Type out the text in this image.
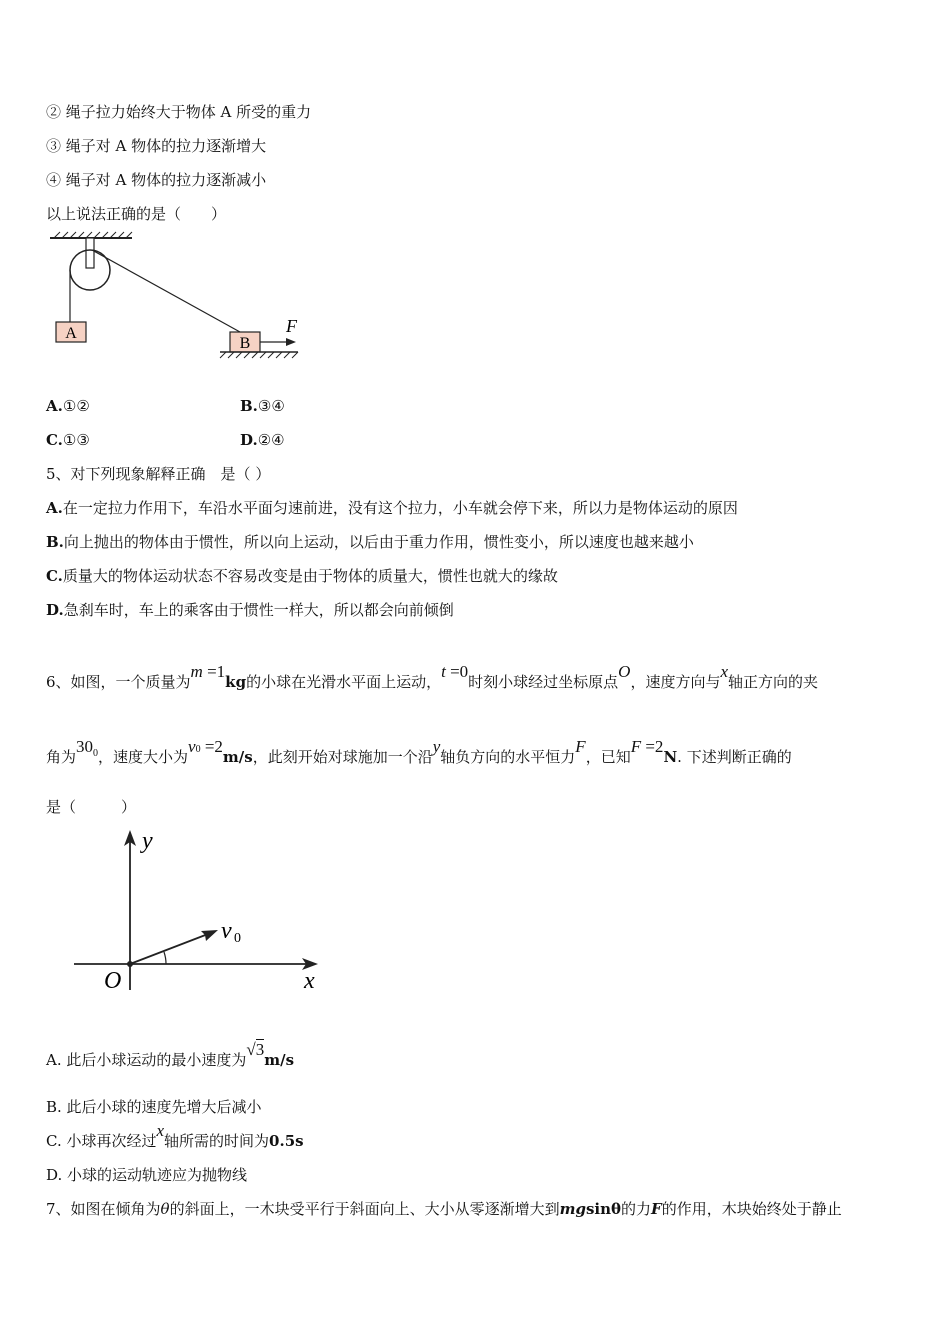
② 绳子拉力始终大于物体 A 所受的重力
③ 绳子对 A 物体的拉力逐渐增大
④ 绳子对 A 物体的拉力逐渐减小
以上说法正确的是（　　）
A
B
F
A.①②	B.③④
C.①③	D.②④
5、对下列现象解释正确　是（ ）
A.在一定拉力作用下，车沿水平面匀速前进，没有这个拉力，小车就会停下来，所以力是物体运动的原因
B.向上抛出的物体由于惯性，所以向上运动，以后由于重力作用，惯性变小，所以速度也越来越小
C.质量大的物体运动状态不容易改变是由于物体的质量大，惯性也就大的缘故
D.急刹车时，车上的乘客由于惯性一样大，所以都会向前倾倒
6、如图，一个质量为m =1kg的小球在光滑水平面上运动，t =0时刻小球经过坐标原点O，速度方向与x轴正方向的夹
角为$30^0$，速度大小为$v^0 =2m/s$，此刻开始对球施加一个沿y轴负方向的水平恒力F，已知F =2N. 下述判断正确的
是（　　　）
y
x
O
v 0
A. 此后小球运动的最小速度为√3m/s
B. 此后小球的速度先增大后减小
C. 小球再次经过x轴所需的时间为0.5s
D. 小球的运动轨迹应为抛物线
7、如图在倾角为θ的斜面上，一木块受平行于斜面向上、大小从零逐渐增大到mgsinθ的力F的作用，木块始终处于静止
